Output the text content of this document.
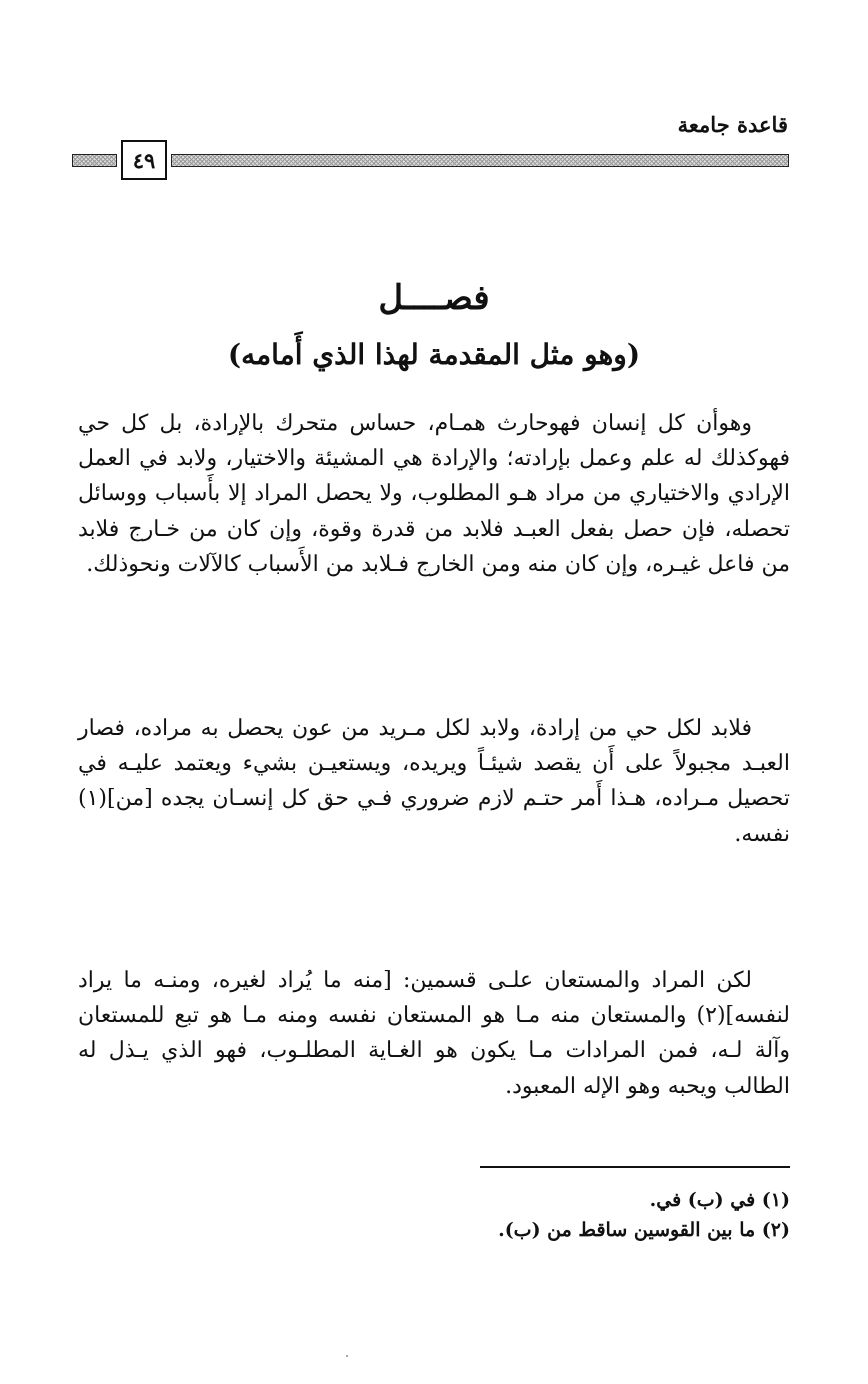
قاعدة جامعة
٤٩
فصــــل
(وهو مثل المقدمة لهذا الذي أَمامه)

وهوأن كل إنسان فهوحارث همـام، حساس متحرك بالإرادة، بل كل حي فهوكذلك له علم وعمل بإرادته؛ والإرادة هي المشيئة والاختيار، ولابد في العمل الإرادي والاختياري من مراد هـو المطلوب، ولا يحصل المراد إلا بأَسباب ووسائل تحصله، فإن حصل بفعل العبـد فلابد من قدرة وقوة، وإن كان من خـارج فلابد من فاعل غيـره، وإن كان منه ومن الخارج فـلابد من الأَسباب كالآلات ونحوذلك.

فلابد لكل حي من إرادة، ولابد لكل مـريد من عون يحصل به مراده، فصار العبـد مجبولاً على أَن يقصد شيئـاً ويريده، ويستعيـن بشيء ويعتمد عليـه في تحصيل مـراده، هـذا أَمر حتـم لازم ضروري فـي حق كل إنسـان يجده [من](١) نفسه.

لكن المراد والمستعان علـى قسمين: [منه ما يُراد لغيره، ومنـه ما يراد لنفسه](٢) والمستعان منه مـا هو المستعان نفسه ومنه مـا هو تبع للمستعان وآلة لـه، فمن المرادات مـا يكون هو الغـاية المطلـوب، فهو الذي يـذل له الطالب ويحبه وهو الإله المعبود.

(١) في (ب) في.
(٢) ما بين القوسين ساقط من (ب).
